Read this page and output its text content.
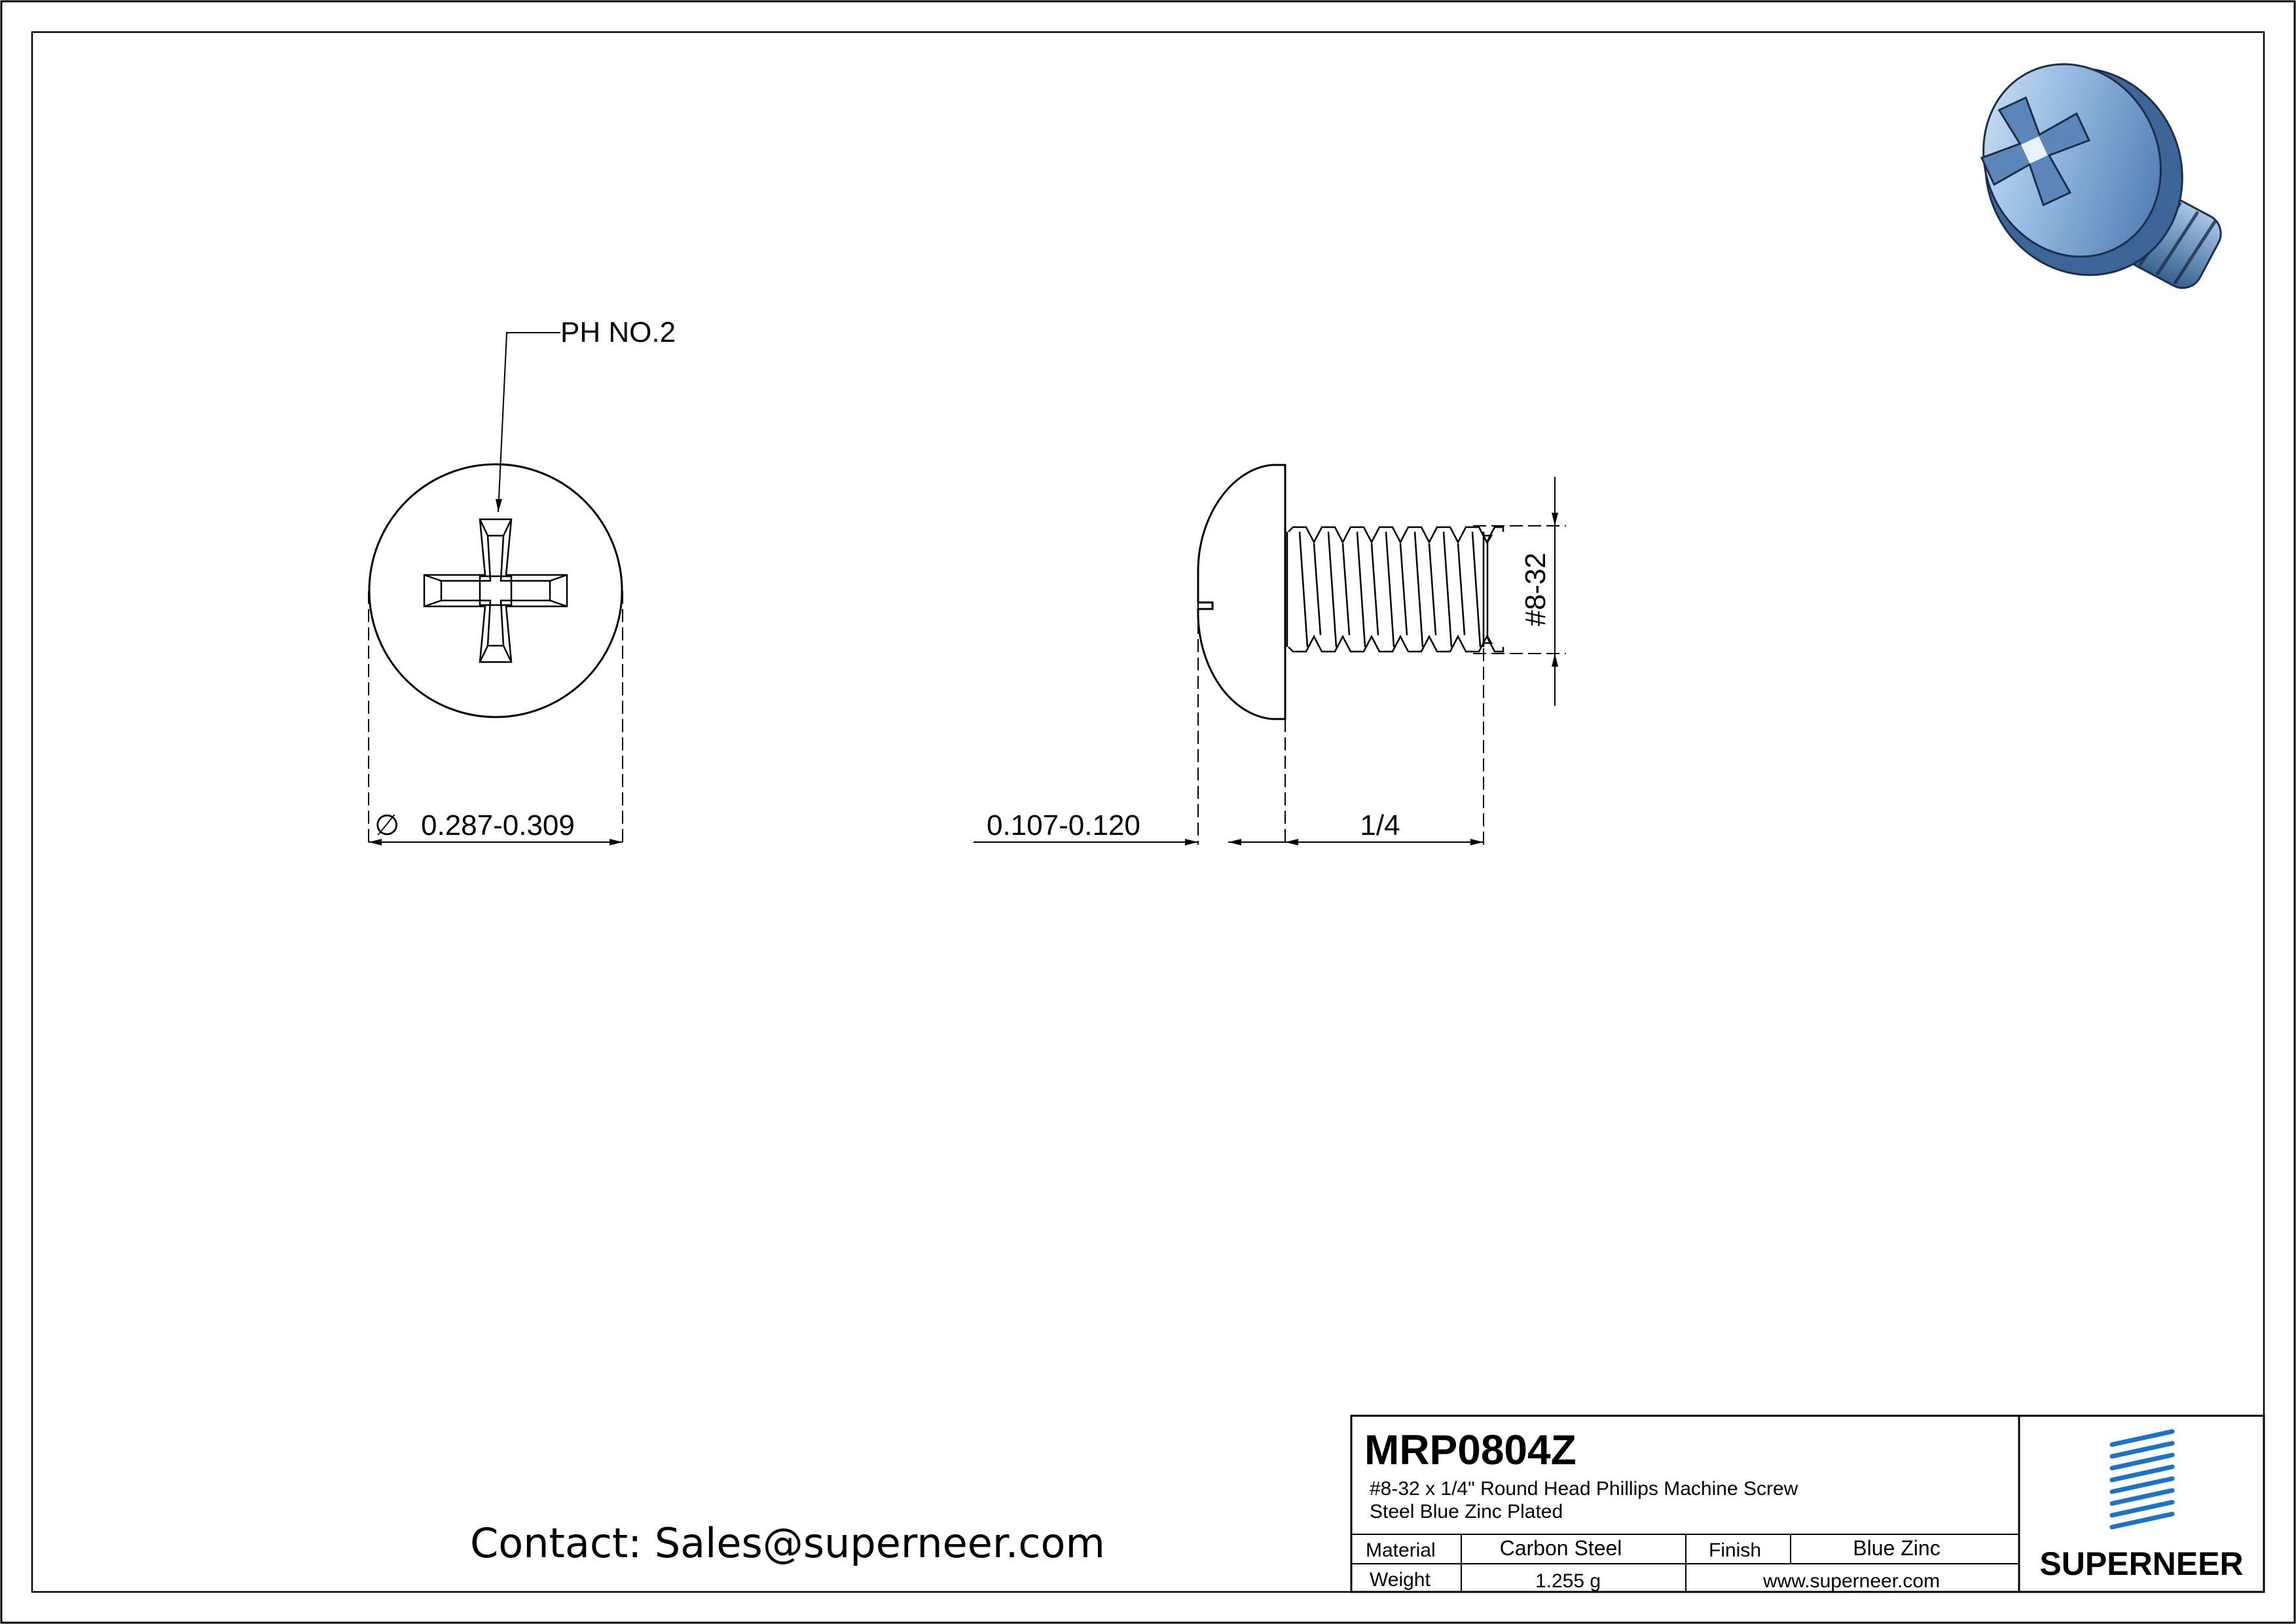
∅ 0.287-0.309
PH NO.2
0.107-0.120	1/4
#8-32
Contact: Sales@superneer.com
MRP0804Z
#8-32 x 1/4" Round Head Phillips Machine Screw
Steel Blue Zinc Plated
Material	Carbon Steel	Finish	Blue Zinc
Weight	1.255 g	www.superneer.com	SUPERNEER
